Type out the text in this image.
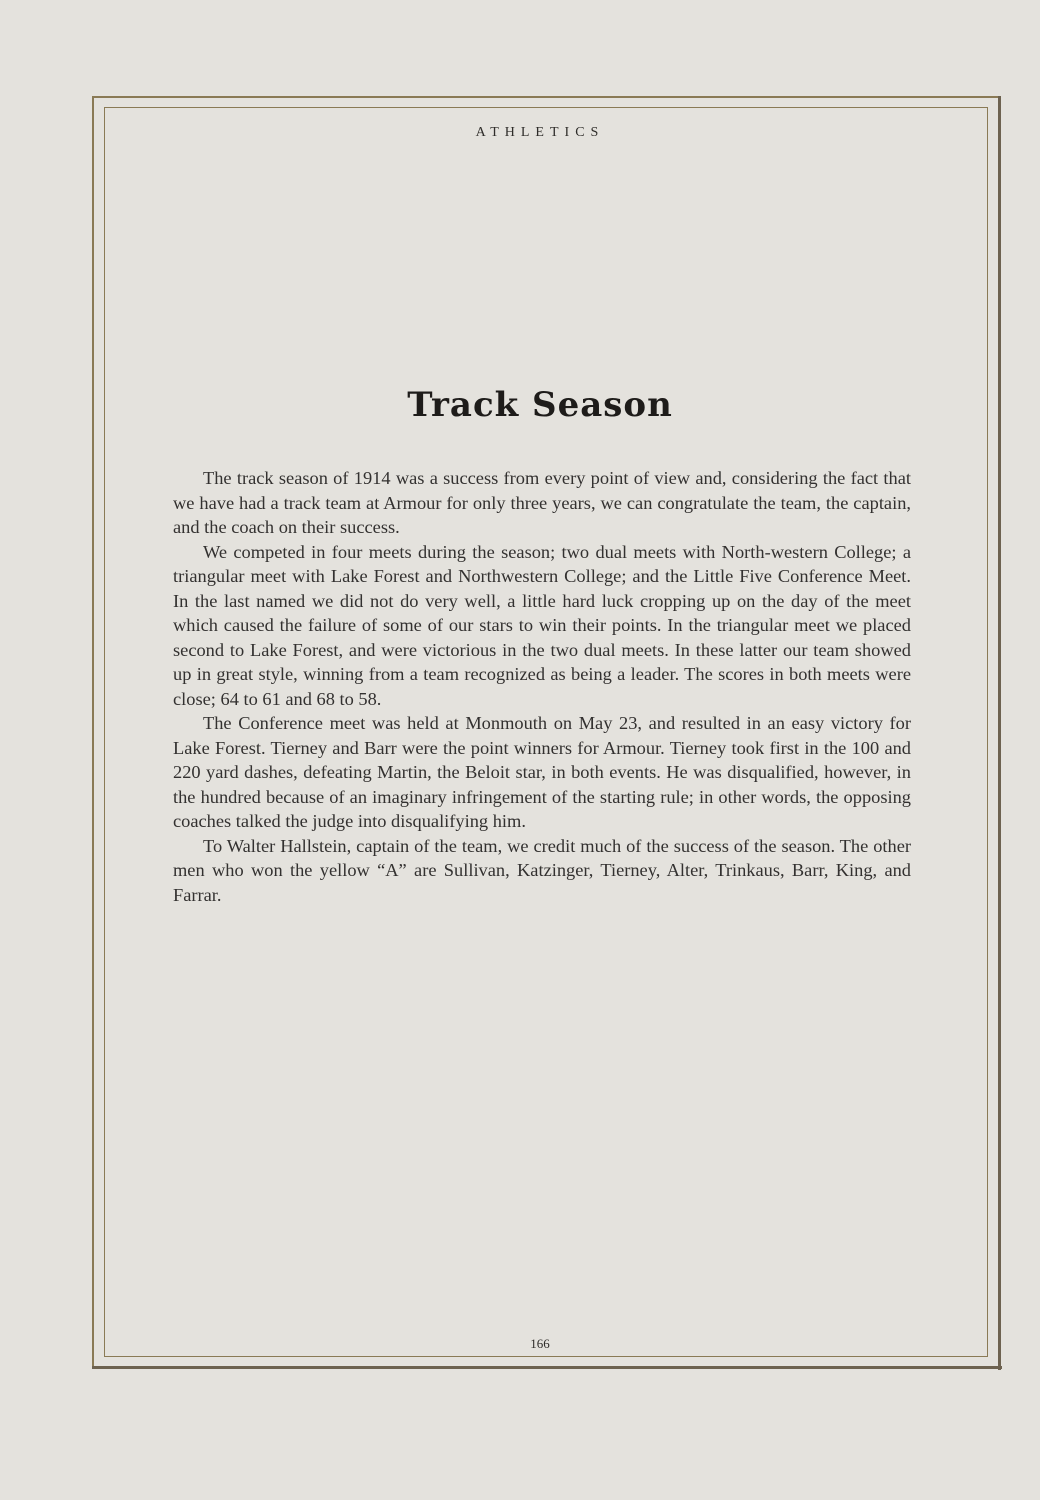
ATHLETICS
Track Season

The track season of 1914 was a success from every point of view and, considering the fact that we have had a track team at Armour for only three years, we can congratulate the team, the captain, and the coach on their success.

We competed in four meets during the season; two dual meets with North-western College; a triangular meet with Lake Forest and Northwestern College; and the Little Five Conference Meet. In the last named we did not do very well, a little hard luck cropping up on the day of the meet which caused the failure of some of our stars to win their points. In the triangular meet we placed second to Lake Forest, and were victorious in the two dual meets. In these latter our team showed up in great style, winning from a team recognized as being a leader. The scores in both meets were close; 64 to 61 and 68 to 58.

The Conference meet was held at Monmouth on May 23, and resulted in an easy victory for Lake Forest. Tierney and Barr were the point winners for Armour. Tierney took first in the 100 and 220 yard dashes, defeating Martin, the Beloit star, in both events. He was disqualified, however, in the hundred because of an imaginary infringement of the starting rule; in other words, the opposing coaches talked the judge into disqualifying him.

To Walter Hallstein, captain of the team, we credit much of the success of the season. The other men who won the yellow “A” are Sullivan, Katzinger, Tierney, Alter, Trinkaus, Barr, King, and Farrar.

166
